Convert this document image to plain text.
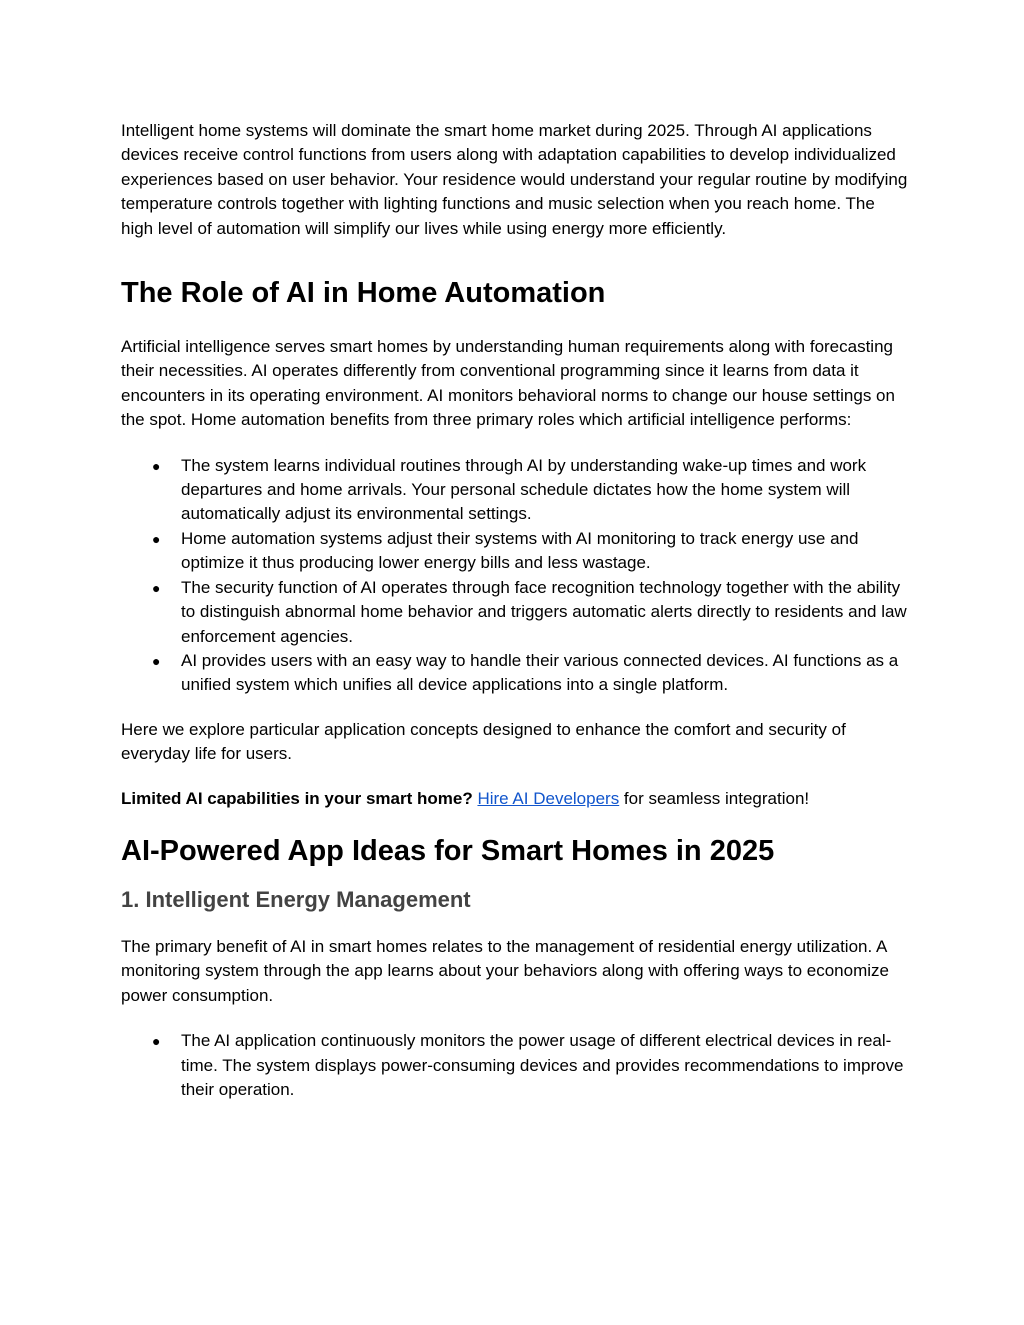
Intelligent home systems will dominate the smart home market during 2025. Through AI applications devices receive control functions from users along with adaptation capabilities to develop individualized experiences based on user behavior. Your residence would understand your regular routine by modifying temperature controls together with lighting functions and music selection when you reach home. The high level of automation will simplify our lives while using energy more efficiently.

The Role of AI in Home Automation

Artificial intelligence serves smart homes by understanding human requirements along with forecasting their necessities. AI operates differently from conventional programming since it learns from data it encounters in its operating environment. AI monitors behavioral norms to change our house settings on the spot. Home automation benefits from three primary roles which artificial intelligence performs:

● The system learns individual routines through AI by understanding wake-up times and work departures and home arrivals. Your personal schedule dictates how the home system will automatically adjust its environmental settings.
● Home automation systems adjust their systems with AI monitoring to track energy use and optimize it thus producing lower energy bills and less wastage.
● The security function of AI operates through face recognition technology together with the ability to distinguish abnormal home behavior and triggers automatic alerts directly to residents and law enforcement agencies.
● AI provides users with an easy way to handle their various connected devices. AI functions as a unified system which unifies all device applications into a single platform.

Here we explore particular application concepts designed to enhance the comfort and security of everyday life for users.

Limited AI capabilities in your smart home? Hire AI Developers for seamless integration!

AI-Powered App Ideas for Smart Homes in 2025
1. Intelligent Energy Management

The primary benefit of AI in smart homes relates to the management of residential energy utilization. A monitoring system through the app learns about your behaviors along with offering ways to economize power consumption.

● The AI application continuously monitors the power usage of different electrical devices in real-time. The system displays power-consuming devices and provides recommendations to improve their operation.
